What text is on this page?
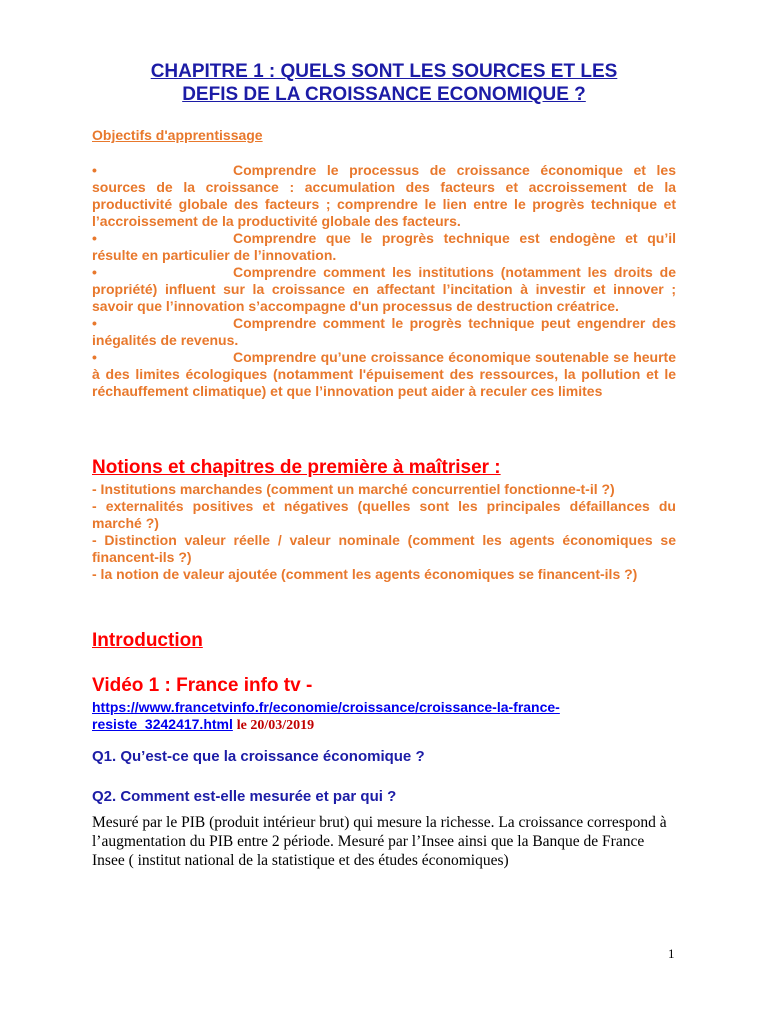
CHAPITRE 1 : QUELS SONT LES SOURCES ET LES
DEFIS DE LA CROISSANCE ECONOMIQUE ?
Objectifs d'apprentissage

•	Comprendre le processus de croissance économique et les sources de la croissance : accumulation des facteurs et accroissement de la productivité globale des facteurs ; comprendre le lien entre le progrès technique et l’accroissement de la productivité globale des facteurs.

•	Comprendre que le progrès technique est endogène et qu’il résulte en particulier de l’innovation.

•	Comprendre comment les institutions (notamment les droits de propriété) influent sur la croissance en affectant l’incitation à investir et innover ; savoir que l’innovation s’accompagne d'un processus de destruction créatrice.

•	Comprendre comment le progrès technique peut engendrer des inégalités de revenus.

•	Comprendre qu’une croissance économique soutenable se heurte à des limites écologiques (notamment l'épuisement des ressources, la pollution et le réchauffement climatique) et que l’innovation peut aider à reculer ces limites

Notions et chapitres de première à maîtriser :

- Institutions marchandes (comment un marché concurrentiel fonctionne-t-il ?)

- externalités positives et négatives (quelles sont les principales défaillances du marché ?)

- Distinction valeur réelle / valeur nominale (comment les agents économiques se financent-ils ?)

- la notion de valeur ajoutée (comment les agents économiques se financent-ils ?)

Introduction
Vidéo 1 : France info tv -
https://www.francetvinfo.fr/economie/croissance/croissance-la-france-resiste_3242417.html le 20/03/2019
Q1. Qu’est-ce que la croissance économique ?
Q2. Comment est-elle mesurée et par qui ?
Mesuré par le PIB (produit intérieur brut) qui mesure la richesse. La croissance correspond à l’augmentation du PIB entre 2 période. Mesuré par l’Insee ainsi que la Banque de France Insee ( institut national de la statistique et des études économiques)
1
